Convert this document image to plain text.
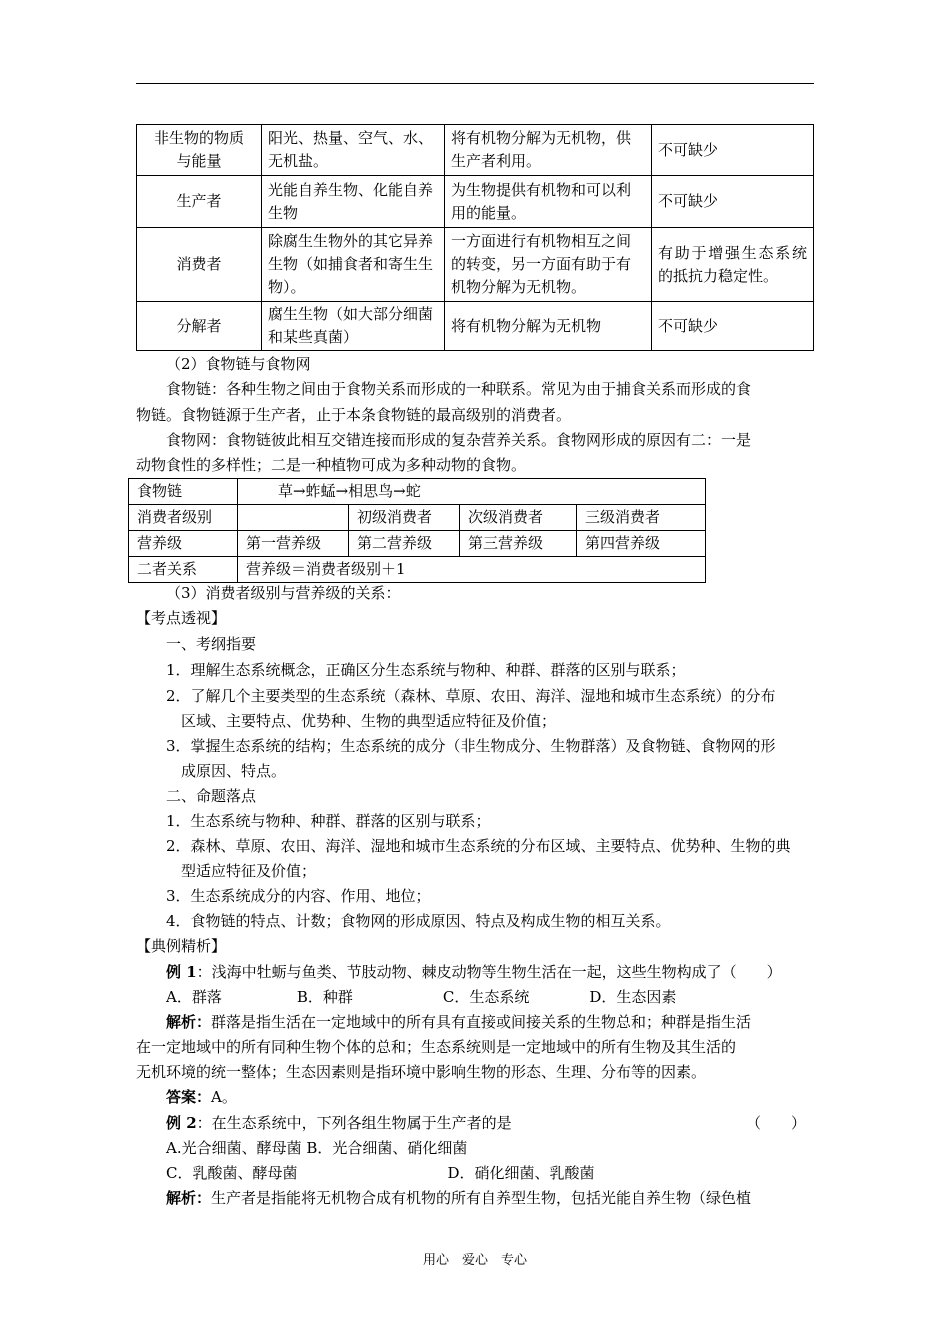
非生物的物质与能量	阳光、热量、空气、水、无机盐。	将有机物分解为无机物，供生产者利用。	不可缺少
生产者	光能自养生物、化能自养生物	为生物提供有机物和可以利用的能量。	不可缺少
消费者	除腐生生物外的其它异养生物（如捕食者和寄生生物）。	一方面进行有机物相互之间的转变，另一方面有助于有机物分解为无机物。	有助于增强生态系统的抵抗力稳定性。
分解者	腐生生物（如大部分细菌和某些真菌）	将有机物分解为无机物	不可缺少
（2）食物链与食物网
食物链：各种生物之间由于食物关系而形成的一种联系。常见为由于捕食关系而形成的食
物链。食物链源于生产者，止于本条食物链的最高级别的消费者。
食物网：食物链彼此相互交错连接而形成的复杂营养关系。食物网形成的原因有二：一是
动物食性的多样性；二是一种植物可成为多种动物的食物。
食物链	草→蚱蜢→相思鸟→蛇			
消费者级别		初级消费者	次级消费者	三级消费者
营养级	第一营养级	第二营养级	第三营养级	第四营养级
二者关系	营养级＝消费者级别＋1			
（3）消费者级别与营养级的关系：
【考点透视】
一、考纲指要
1．理解生态系统概念，正确区分生态系统与物种、种群、群落的区别与联系；
2．了解几个主要类型的生态系统（森林、草原、农田、海洋、湿地和城市生态系统）的分布
区域、主要特点、优势种、生物的典型适应特征及价值；
3．掌握生态系统的结构；生态系统的成分（非生物成分、生物群落）及食物链、食物网的形
成原因、特点。
二、命题落点
1．生态系统与物种、种群、群落的区别与联系；
2．森林、草原、农田、海洋、湿地和城市生态系统的分布区域、主要特点、优势种、生物的典
型适应特征及价值；
3．生态系统成分的内容、作用、地位；
4．食物链的特点、计数；食物网的形成原因、特点及构成生物的相互关系。
【典例精析】
例 1：浅海中牡蛎与鱼类、节肢动物、棘皮动物等生物生活在一起，这些生物构成了（　　）
A．群落　　　　　B．种群　　　　　　C．生态系统　　　　D．生态因素
解析：群落是指生活在一定地域中的所有具有直接或间接关系的生物总和；种群是指生活
在一定地域中的所有同种生物个体的总和；生态系统则是一定地域中的所有生物及其生活的
无机环境的统一整体；生态因素则是指环境中影响生物的形态、生理、分布等的因素。
答案：A。
例 2：在生态系统中，下列各组生物属于生产者的是	（　　）
A.光合细菌、酵母菌 B．光合细菌、硝化细菌
C．乳酸菌、酵母菌　　　　　　　　　　D．硝化细菌、乳酸菌
解析：生产者是指能将无机物合成有机物的所有自养型生物，包括光能自养生物（绿色植
用心　爱心　专心
